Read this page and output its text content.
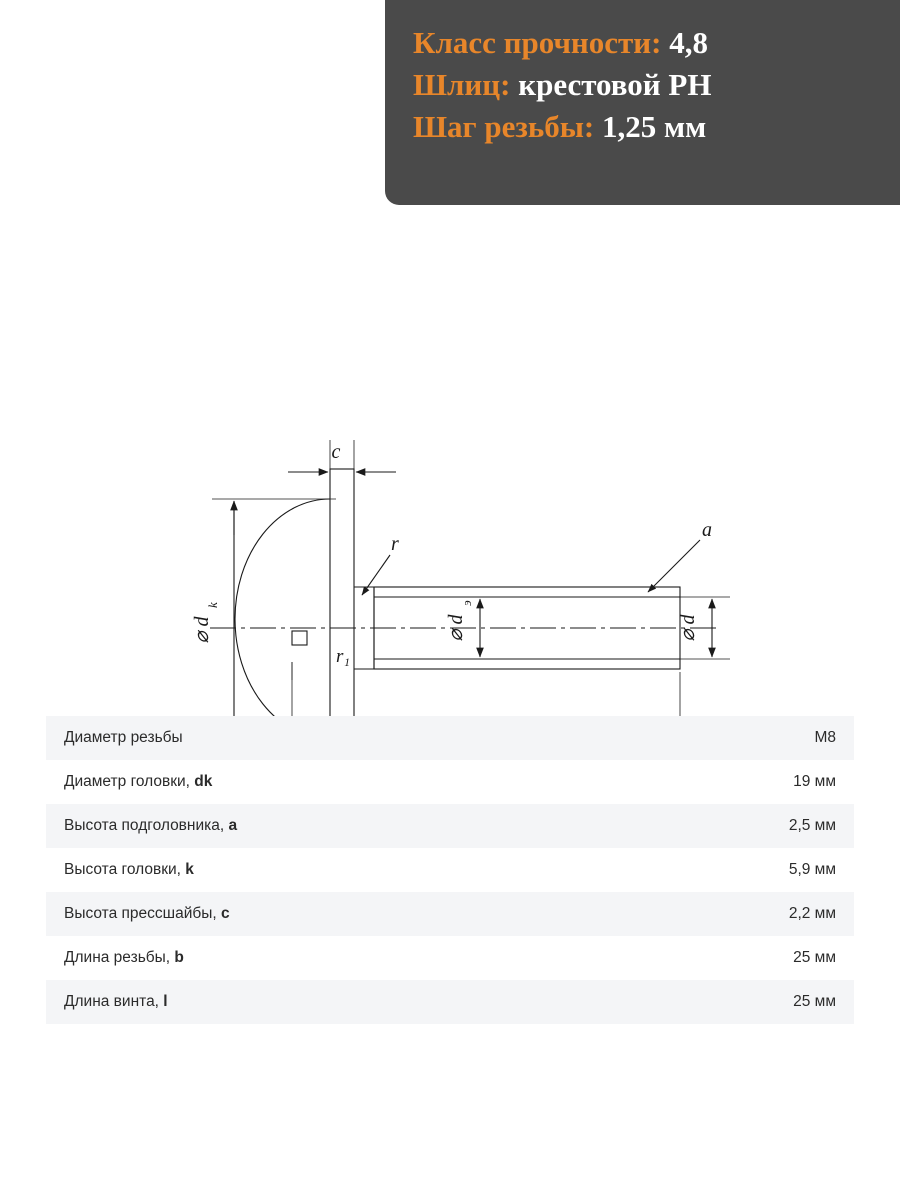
Класс прочности: 4,8
Шлиц: крестовой PH
Шаг резьбы: 1,25 мм
c
r
r₁
a
a
k	l
⌀ d
k
⌀ d
э
⌀ d
Диаметр резьбы	M8
Диаметр головки, dk	19 мм
Высота подголовника, a	2,5 мм
Высота головки, k	5,9 мм
Высота прессшайбы, c	2,2 мм
Длина резьбы, b	25 мм
Длина винта, l	25 мм
